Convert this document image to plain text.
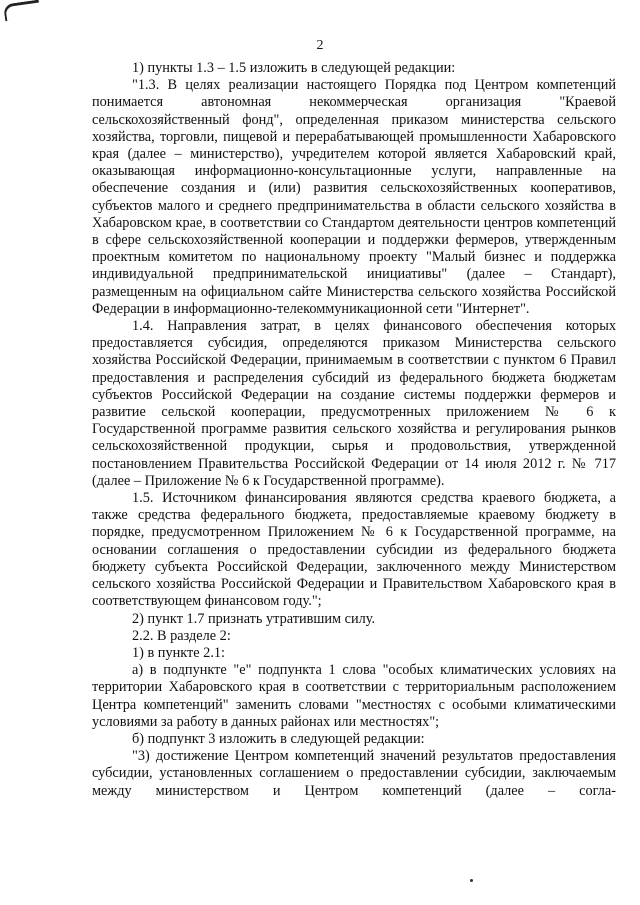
2

1) пункты 1.3 – 1.5 изложить в следующей редакции:

"1.3. В целях реализации настоящего Порядка под Центром компетенций понимается автономная некоммерческая организация "Краевой сельскохозяйственный фонд", определенная приказом министерства сельского хозяйства, торговли, пищевой и перерабатывающей промышленности Хабаровского края (далее – министерство), учредителем которой является Хабаровский край, оказывающая информационно-консультационные услуги, направленные на обеспечение создания и (или) развития сельскохозяйственных кооперативов, субъектов малого и среднего предпринимательства в области сельского хозяйства в Хабаровском крае, в соответствии со Стандартом деятельности центров компетенций в сфере сельскохозяйственной кооперации и поддержки фермеров, утвержденным проектным комитетом по национальному проекту "Малый бизнес и поддержка индивидуальной предпринимательской инициативы" (далее – Стандарт), размещенным на официальном сайте Министерства сельского хозяйства Российской Федерации в информационно-телекоммуникационной сети "Интернет".

1.4. Направления затрат, в целях финансового обеспечения которых предоставляется субсидия, определяются приказом Министерства сельского хозяйства Российской Федерации, принимаемым в соответствии с пунктом 6 Правил предоставления и распределения субсидий из федерального бюджета бюджетам субъектов Российской Федерации на создание системы поддержки фермеров и развитие сельской кооперации, предусмотренных приложением № 6 к Государственной программе развития сельского хозяйства и регулирования рынков сельскохозяйственной продукции, сырья и продовольствия, утвержденной постановлением Правительства Российской Федерации от 14 июля 2012 г. № 717 (далее – Приложение № 6 к Государственной программе).

1.5. Источником финансирования являются средства краевого бюджета, а также средства федерального бюджета, предоставляемые краевому бюджету в порядке, предусмотренном Приложением № 6 к Государственной программе, на основании соглашения о предоставлении субсидии из федерального бюджета бюджету субъекта Российской Федерации, заключенного между Министерством сельского хозяйства Российской Федерации и Правительством Хабаровского края в соответствующем финансовом году.";

2) пункт 1.7 признать утратившим силу.

2.2. В разделе 2:

1) в пункте 2.1:

а) в подпункте "е" подпункта 1 слова "особых климатических условиях на территории Хабаровского края в соответствии с территориальным расположением Центра компетенций" заменить словами "местностях с особыми климатическими условиями за работу в данных районах или местностях";

б) подпункт 3 изложить в следующей редакции:

"3) достижение Центром компетенций значений результатов предоставления субсидии, установленных соглашением о предоставлении субсидии, заключаемым между министерством и Центром компетенций (далее – согла-
